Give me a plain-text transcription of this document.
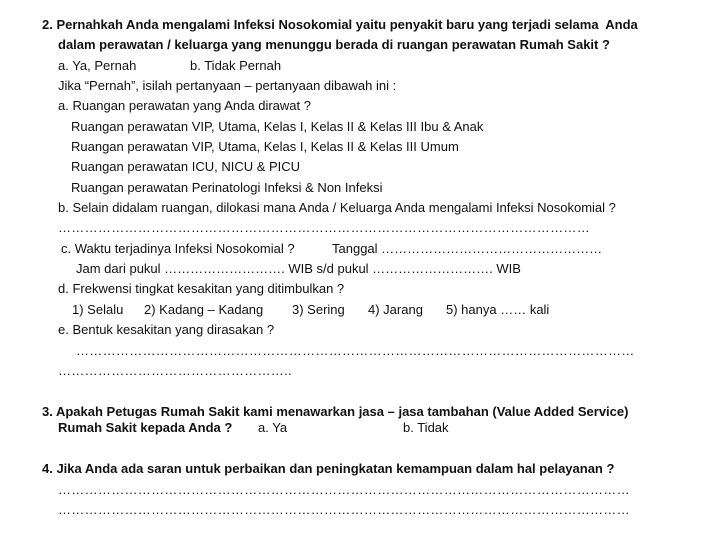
2. Pernahkah Anda mengalami Infeksi Nosokomial yaitu penyakit baru yang terjadi selama  Anda
dalam perawatan / keluarga yang menunggu berada di ruangan perawatan Rumah Sakit ?
a. Ya, Pernah	b. Tidak Pernah
Jika “Pernah”, isilah pertanyaan – pertanyaan dibawah ini :
a. Ruangan perawatan yang Anda dirawat ?
Ruangan perawatan VIP, Utama, Kelas I, Kelas II & Kelas III Ibu & Anak
Ruangan perawatan VIP, Utama, Kelas I, Kelas II & Kelas III Umum
Ruangan perawatan ICU, NICU & PICU
Ruangan perawatan Perinatologi Infeksi & Non Infeksi
b. Selain didalam ruangan, dilokasi mana Anda / Keluarga Anda mengalami Infeksi Nosokomial ?
…………………………………………………………………………………………………………
c. Waktu terjadinya Infeksi Nosokomial ?	Tanggal ……………………………………………
Jam dari pukul ………………………. WIB s/d pukul ………………………. WIB
d. Frekwensi tingkat kesakitan yang ditimbulkan ?
1) Selalu 2) Kadang – Kadang 3) Sering 4) Jarang 5) hanya …… kali
e. Bentuk kesakitan yang dirasakan ?
………………………………………………………………………………………………………………
……………………………………………..
3. Apakah Petugas Rumah Sakit kami menawarkan jasa – jasa tambahan (Value Added Service)
Rumah Sakit kepada Anda ? a. Ya	b. Tidak
4. Jika Anda ada saran untuk perbaikan dan peningkatan kemampuan dalam hal pelayanan ?
…………………………………………………………………………………………………………………
…………………………………………………………………………………………………………………
